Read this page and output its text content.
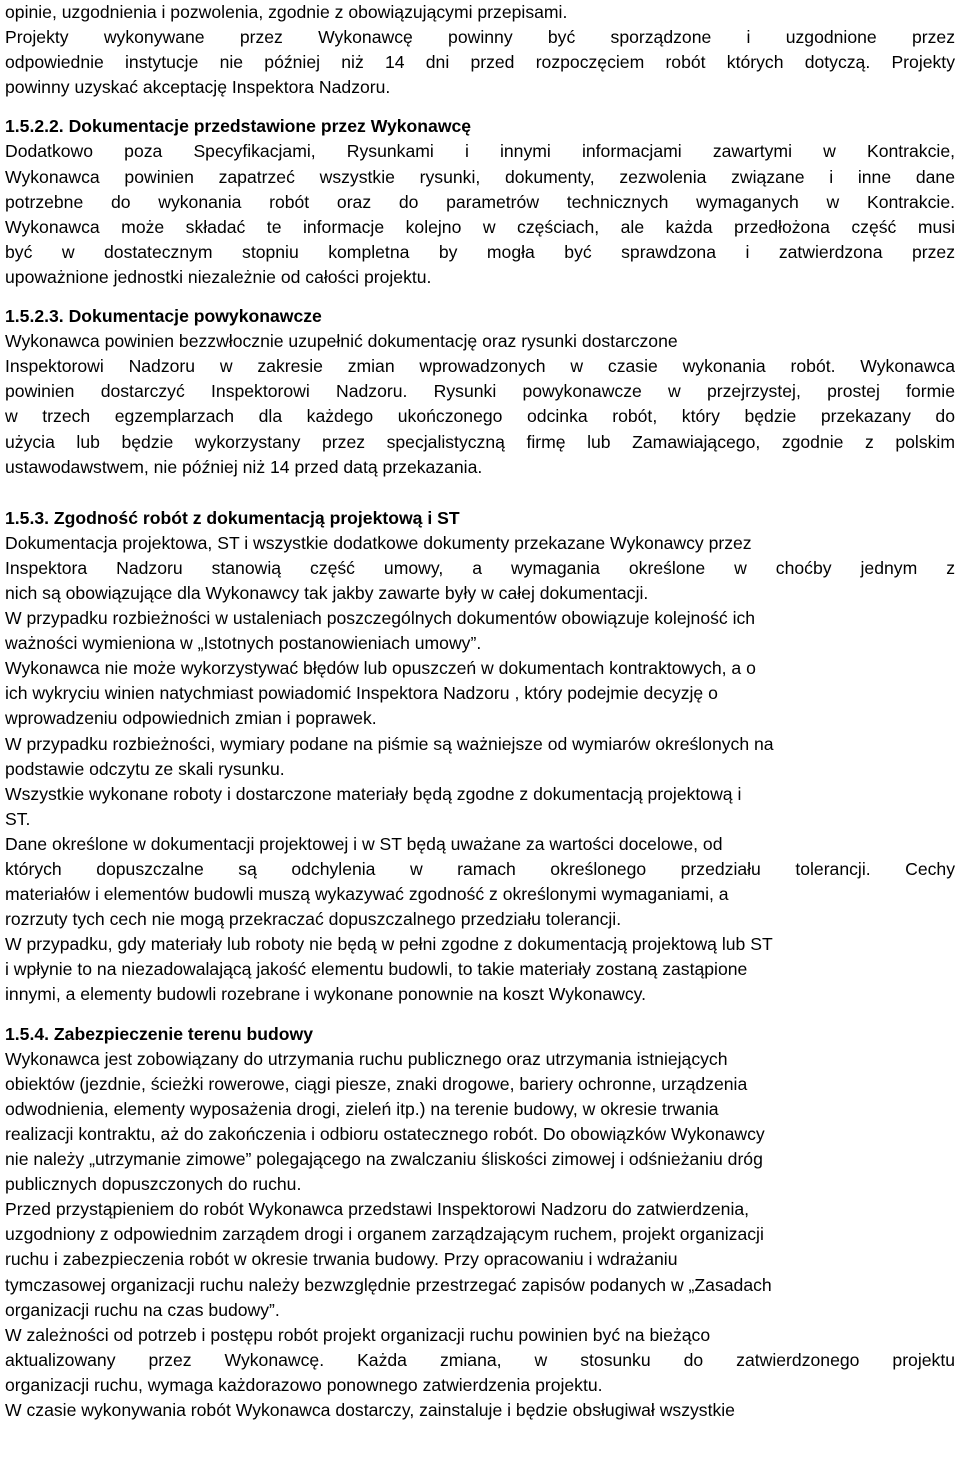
opinie, uzgodnienia i pozwolenia, zgodnie z obowiązującymi przepisami.
Projekty wykonywane przez Wykonawcę powinny być sporządzone i uzgodnione przez
odpowiednie instytucje nie później niż 14 dni przed rozpoczęciem robót których dotyczą. Projekty
powinny uzyskać akceptację Inspektora Nadzoru.
1.5.2.2. Dokumentacje przedstawione przez Wykonawcę
Dodatkowo poza Specyfikacjami, Rysunkami i innymi informacjami zawartymi w Kontrakcie,
Wykonawca powinien zapatrzeć wszystkie rysunki, dokumenty, zezwolenia związane i inne dane
potrzebne do wykonania robót oraz do parametrów technicznych wymaganych w Kontrakcie.
Wykonawca może składać te informacje kolejno w częściach, ale każda przedłożona część musi
być w dostatecznym stopniu kompletna by mogła być sprawdzona i zatwierdzona przez
upoważnione jednostki niezależnie od całości projektu.
1.5.2.3. Dokumentacje powykonawcze
Wykonawca powinien bezzwłocznie uzupełnić dokumentację oraz rysunki dostarczone
Inspektorowi Nadzoru w zakresie zmian wprowadzonych w czasie wykonania robót. Wykonawca
powinien dostarczyć Inspektorowi Nadzoru. Rysunki powykonawcze w przejrzystej, prostej formie
w trzech egzemplarzach dla każdego ukończonego odcinka robót, który będzie przekazany do
użycia lub będzie wykorzystany przez specjalistyczną firmę lub Zamawiającego, zgodnie z polskim
ustawodawstwem, nie później niż 14 przed datą przekazania.
1.5.3. Zgodność robót z dokumentacją projektową i ST
Dokumentacja projektowa, ST i wszystkie dodatkowe dokumenty przekazane Wykonawcy przez
Inspektora Nadzoru stanowią część umowy, a wymagania określone w choćby jednym z
nich są obowiązujące dla Wykonawcy tak jakby zawarte były w całej dokumentacji.
W przypadku rozbieżności w ustaleniach poszczególnych dokumentów obowiązuje kolejność ich
ważności wymieniona w „Istotnych postanowieniach umowy”.
Wykonawca nie może wykorzystywać błędów lub opuszczeń w dokumentach kontraktowych, a o
ich wykryciu winien natychmiast powiadomić Inspektora Nadzoru , który podejmie decyzję o
wprowadzeniu odpowiednich zmian i poprawek.
W przypadku rozbieżności, wymiary podane na piśmie są ważniejsze od wymiarów określonych na
podstawie odczytu ze skali rysunku.
Wszystkie wykonane roboty i dostarczone materiały będą zgodne z dokumentacją projektową i
ST.
Dane określone w dokumentacji projektowej i w ST będą uważane za wartości docelowe, od
których dopuszczalne są odchylenia w ramach określonego przedziału tolerancji. Cechy
materiałów i elementów budowli muszą wykazywać zgodność z określonymi wymaganiami, a
rozrzuty tych cech nie mogą przekraczać dopuszczalnego przedziału tolerancji.
W przypadku, gdy materiały lub roboty nie będą w pełni zgodne z dokumentacją projektową lub ST
i wpłynie to na niezadowalającą jakość elementu budowli, to takie materiały zostaną zastąpione
innymi, a elementy budowli rozebrane i wykonane ponownie na koszt Wykonawcy.
1.5.4. Zabezpieczenie terenu budowy
Wykonawca jest zobowiązany do utrzymania ruchu publicznego oraz utrzymania istniejących
obiektów (jezdnie, ścieżki rowerowe, ciągi piesze, znaki drogowe, bariery ochronne, urządzenia
odwodnienia, elementy wyposażenia drogi, zieleń itp.) na terenie budowy, w okresie trwania
realizacji kontraktu, aż do zakończenia i odbioru ostatecznego robót. Do obowiązków Wykonawcy
nie należy „utrzymanie zimowe” polegającego na zwalczaniu śliskości zimowej i odśnieżaniu dróg
publicznych dopuszczonych do ruchu.
Przed przystąpieniem do robót Wykonawca przedstawi Inspektorowi Nadzoru do zatwierdzenia,
uzgodniony z odpowiednim zarządem drogi i organem zarządzającym ruchem, projekt organizacji
ruchu i zabezpieczenia robót w okresie trwania budowy. Przy opracowaniu i wdrażaniu
tymczasowej organizacji ruchu należy bezwzględnie przestrzegać zapisów podanych w „Zasadach
organizacji ruchu na czas budowy”.
W zależności od potrzeb i postępu robót projekt organizacji ruchu powinien być na bieżąco
aktualizowany przez Wykonawcę. Każda zmiana, w stosunku do zatwierdzonego projektu
organizacji ruchu, wymaga każdorazowo ponownego zatwierdzenia projektu.
W czasie wykonywania robót Wykonawca dostarczy, zainstaluje i będzie obsługiwał wszystkie
